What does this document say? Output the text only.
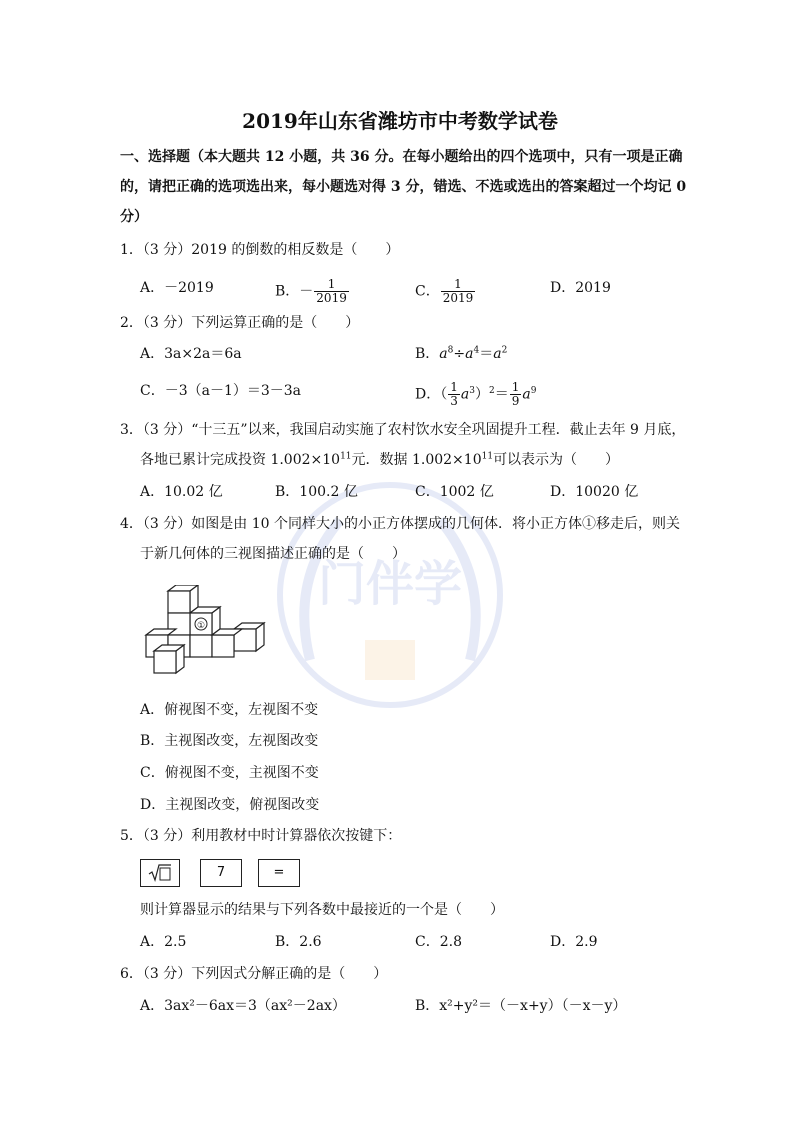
门伴学
2019年山东省潍坊市中考数学试卷
一、选择题（本大题共 12 小题，共 36 分。在每小题给出的四个选项中，只有一项是正确
的，请把正确的选项选出来，每小题选对得 3 分，错选、不选或选出的答案超过一个均记 0
分）
1．（3 分）2019 的倒数的相反数是（　　）
A．－2019	B．－ $\frac{1}{2019}$	C． $\frac{1}{2019}$	D．2019
2．（3 分）下列运算正确的是（　　）
A．3a×2a＝6a	B．$a^8\div a^4=a^2$
C．－3（a－1）＝3－3a	D．（ $\frac{1}{3} a^3)^2= \frac{1}{9} a^9$
3．（3 分）“十三五”以来，我国启动实施了农村饮水安全巩固提升工程．截止去年 9 月底，
各地已累计完成投资 $1.002\times 10^{11}$元．数据 $1.002\times 10^{11}$可以表示为（　　）
A．10.02 亿	B．100.2 亿	C．1002 亿	D．10020 亿
4．（3 分）如图是由 10 个同样大小的小正方体摆成的几何体．将小正方体①移走后，则关
于新几何体的三视图描述正确的是（　　）
①
A．俯视图不变，左视图不变
B．主视图改变，左视图改变
C．俯视图不变，主视图不变
D．主视图改变，俯视图改变
5．（3 分）利用教材中时计算器依次按键下：
7	=
则计算器显示的结果与下列各数中最接近的一个是（　　）
A．2.5	B．2.6	C．2.8	D．2.9
6．（3 分）下列因式分解正确的是（　　）
A．3ax²－6ax＝3（ax²－2ax）	B．x²+y²＝（－x+y）（－x－y）
